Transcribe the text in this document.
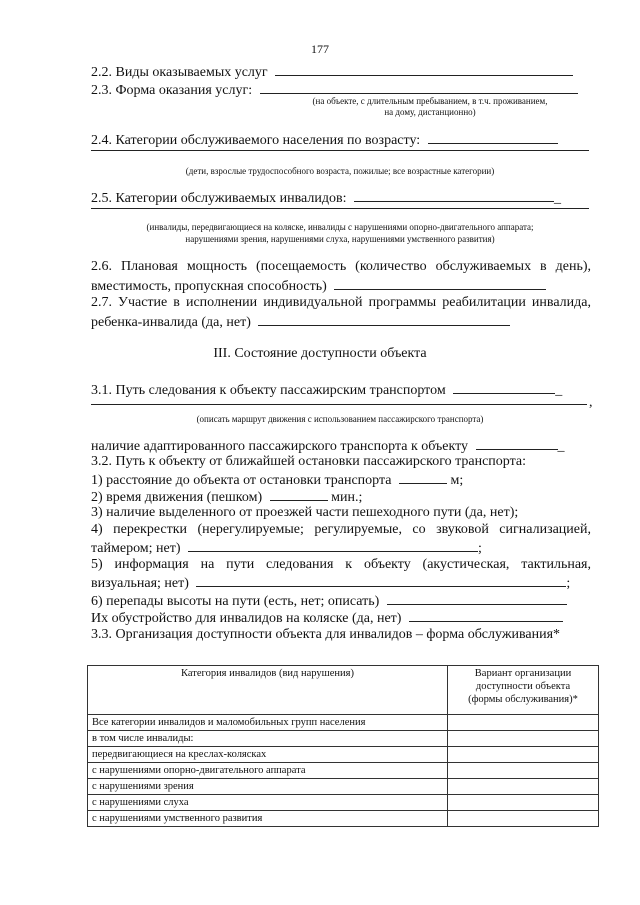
177
2.2. Виды оказываемых услуг
2.3. Форма оказания услуг:
(на объекте, с длительным пребыванием, в т.ч. проживанием,
на дому, дистанционно)
2.4. Категории обслуживаемого населения по возрасту:
(дети, взрослые трудоспособного возраста, пожилые; все возрастные категории)
2.5. Категории обслуживаемых инвалидов:	_
(инвалиды, передвигающиеся на коляске, инвалиды с нарушениями опорно-двигательного аппарата;
нарушениями зрения, нарушениями слуха, нарушениями умственного развития)
2.6. Плановая мощность (посещаемость (количество обслуживаемых в день),
вместимость, пропускная способность)
2.7. Участие в исполнении индивидуальной программы реабилитации инвалида,
ребенка-инвалида (да, нет)
III. Состояние доступности объекта
3.1. Путь следования к объекту пассажирским транспортом	_
,
(описать маршрут движения с использованием пассажирского транспорта)
наличие адаптированного пассажирского транспорта к объекту	_
3.2. Путь к объекту от ближайшей остановки пассажирского транспорта:
1) расстояние до объекта от остановки транспорта	м;
2) время движения (пешком)	мин.;
3) наличие выделенного от проезжей части пешеходного пути (да, нет);
4) перекрестки (нерегулируемые; регулируемые, со звуковой сигнализацией,
таймером; нет)	;
5) информация на пути следования к объекту (акустическая, тактильная,
визуальная; нет)	;
6) перепады высоты на пути (есть, нет; описать)
Их обустройство для инвалидов на коляске (да, нет)
3.3. Организация доступности объекта для инвалидов – форма обслуживания*
Категория инвалидов (вид нарушения)	Вариант организации
доступности объекта
(формы обслуживания)*

Все категории инвалидов и маломобильных групп населения	
в том числе инвалиды:	
передвигающиеся на креслах-колясках	
с нарушениями опорно-двигательного аппарата	
с нарушениями зрения	
с нарушениями слуха	
с нарушениями умственного развития	
